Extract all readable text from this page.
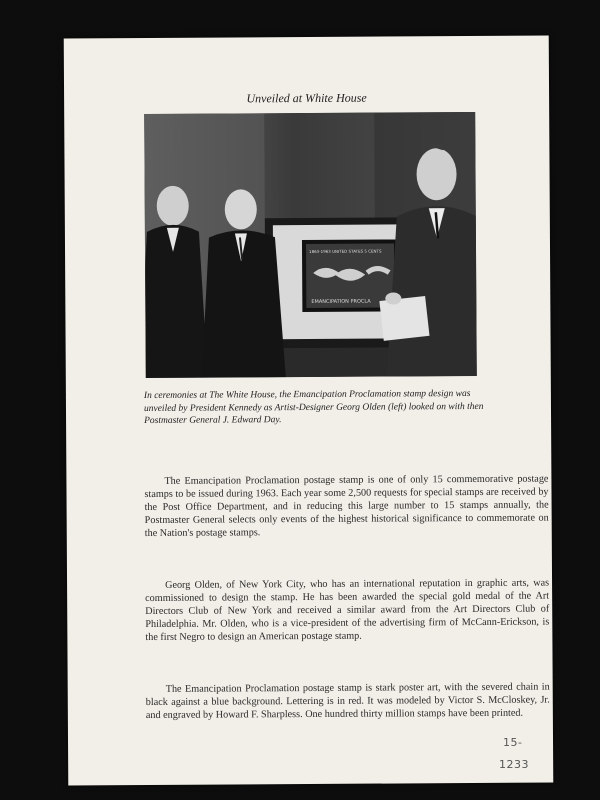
Unveiled at White House
1863-1963 UNITED STATES 5 CENTS
EMANCIPATION PROCLA
In ceremonies at The White House, the Emancipation Proclamation stamp design was unveiled by President Kennedy as Artist-Designer Georg Olden (left) looked on with then Postmaster General J. Edward Day.

The Emancipation Proclamation postage stamp is one of only 15 commemorative postage stamps to be issued during 1963. Each year some 2,500 requests for special stamps are received by the Post Office Department, and in reducing this large number to 15 stamps annually, the Postmaster General selects only events of the highest historical significance to commemorate on the Nation's postage stamps.

Georg Olden, of New York City, who has an international reputation in graphic arts, was commissioned to design the stamp. He has been awarded the special gold medal of the Art Directors Club of New York and received a similar award from the Art Directors Club of Philadelphia. Mr. Olden, who is a vice-president of the advertising firm of McCann-Erickson, is the first Negro to design an American postage stamp.

The Emancipation Proclamation postage stamp is stark poster art, with the severed chain in black against a blue background. Lettering is in red. It was modeled by Victor S. McCloskey, Jr. and engraved by Howard F. Sharpless. One hundred thirty million stamps have been printed.

15-
1233
